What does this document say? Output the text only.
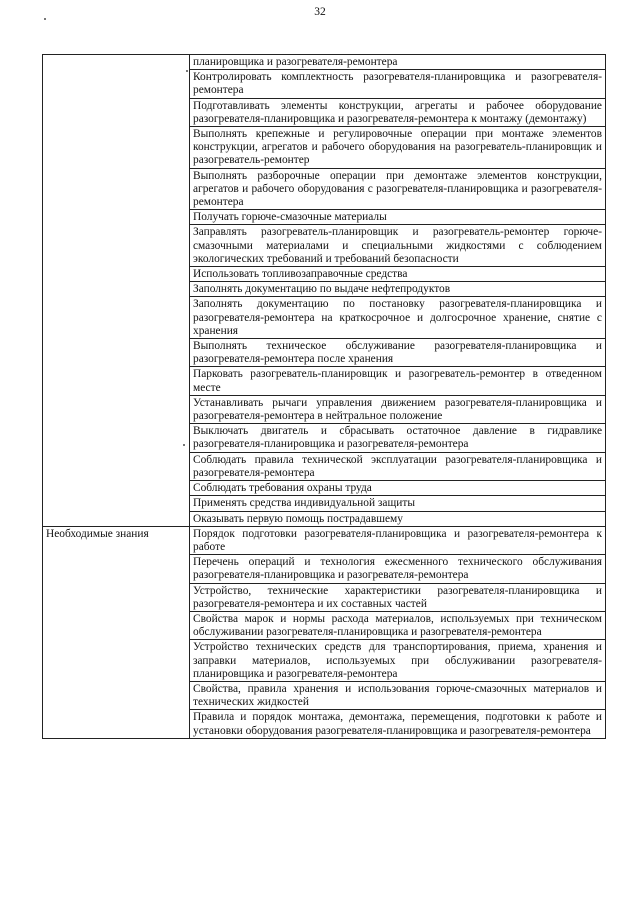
32
	планировщика и разогревателя-ремонтера
	Контролировать комплектность разогревателя-планировщика и разогревателя-ремонтера
	Подготавливать элементы конструкции, агрегаты и рабочее оборудование разогревателя-планировщика и разогревателя-ремонтера к монтажу (демонтажу)
	Выполнять крепежные и регулировочные операции при монтаже элементов конструкции, агрегатов и рабочего оборудования на разогреватель-планировщик и разогреватель-ремонтер
	Выполнять разборочные операции при демонтаже элементов конструкции, агрегатов и рабочего оборудования с разогревателя-планировщика и разогревателя-ремонтера
	Получать горюче-смазочные материалы
	Заправлять разогреватель-планировщик и разогреватель-ремонтер горюче-смазочными материалами и специальными жидкостями с соблюдением экологических требований и требований безопасности
	Использовать топливозаправочные средства
	Заполнять документацию по выдаче нефтепродуктов
	Заполнять документацию по постановку разогревателя-планировщика и разогревателя-ремонтера на краткосрочное и долгосрочное хранение, снятие с хранения
	Выполнять техническое обслуживание разогревателя-планировщика и разогревателя-ремонтера после хранения
	Парковать разогреватель-планировщик и разогреватель-ремонтер в отведенном месте
	Устанавливать рычаги управления движением разогревателя-планировщика и разогревателя-ремонтера в нейтральное положение
	Выключать двигатель и сбрасывать остаточное давление в гидравлике разогревателя-планировщика и разогревателя-ремонтера
	Соблюдать правила технической эксплуатации разогревателя-планировщика и разогревателя-ремонтера
	Соблюдать требования охраны труда
	Применять средства индивидуальной защиты
	Оказывать первую помощь пострадавшему
Необходимые знания	Порядок подготовки разогревателя-планировщика и разогревателя-ремонтера к работе
	Перечень операций и технология ежесменного технического обслуживания разогревателя-планировщика и разогревателя-ремонтера
	Устройство, технические характеристики разогревателя-планировщика и разогревателя-ремонтера и их составных частей
	Свойства марок и нормы расхода материалов, используемых при техническом обслуживании разогревателя-планировщика и разогревателя-ремонтера
	Устройство технических средств для транспортирования, приема, хранения и заправки материалов, используемых при обслуживании разогревателя-планировщика и разогревателя-ремонтера
	Свойства, правила хранения и использования горюче-смазочных материалов и технических жидкостей
	Правила и порядок монтажа, демонтажа, перемещения, подготовки к работе и установки оборудования разогревателя-планировщика и разогревателя-ремонтера
